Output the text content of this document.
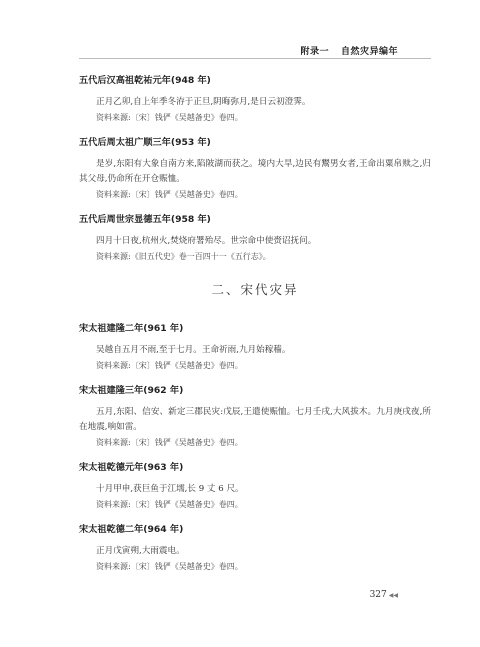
附录一 自然灾异编年
五代后汉高祖乾祐元年(948 年)

正月乙卯,自上年季冬洊于正旦,阴晦弥月,是日云初澄霁。

资料来源:〔宋〕钱俨《吴越备史》卷四。

五代后周太祖广顺三年(953 年)

是岁,东阳有大象自南方来,陷陂湖而获之。境内大旱,边民有鬻男女者,王命出粟帛赎之,归其父母,仍命所在开仓赈恤。

资料来源:〔宋〕钱俨《吴越备史》卷四。

五代后周世宗显德五年(958 年)

四月十日夜,杭州火,焚烧府署殆尽。世宗命中使赍诏抚问。

资料来源:《旧五代史》卷一百四十一《五行志》。

二、宋代灾异
宋太祖建隆二年(961 年)

吴越自五月不雨,至于七月。王命祈雨,九月始稼穑。

资料来源:〔宋〕钱俨《吴越备史》卷四。

宋太祖建隆三年(962 年)

五月,东阳、信安、新定三郡民灾:戊辰,王遣使赈恤。七月壬戌,大风拔木。九月庚戌夜,所在地震,响如雷。

资料来源:〔宋〕钱俨《吴越备史》卷四。

宋太祖乾德元年(963 年)

十月甲申,获巨鱼于江壖,长 9 丈 6 尺。

资料来源:〔宋〕钱俨《吴越备史》卷四。

宋太祖乾德二年(964 年)

正月戊寅朔,大雨震电。

资料来源:〔宋〕钱俨《吴越备史》卷四。

327 ◀◀
